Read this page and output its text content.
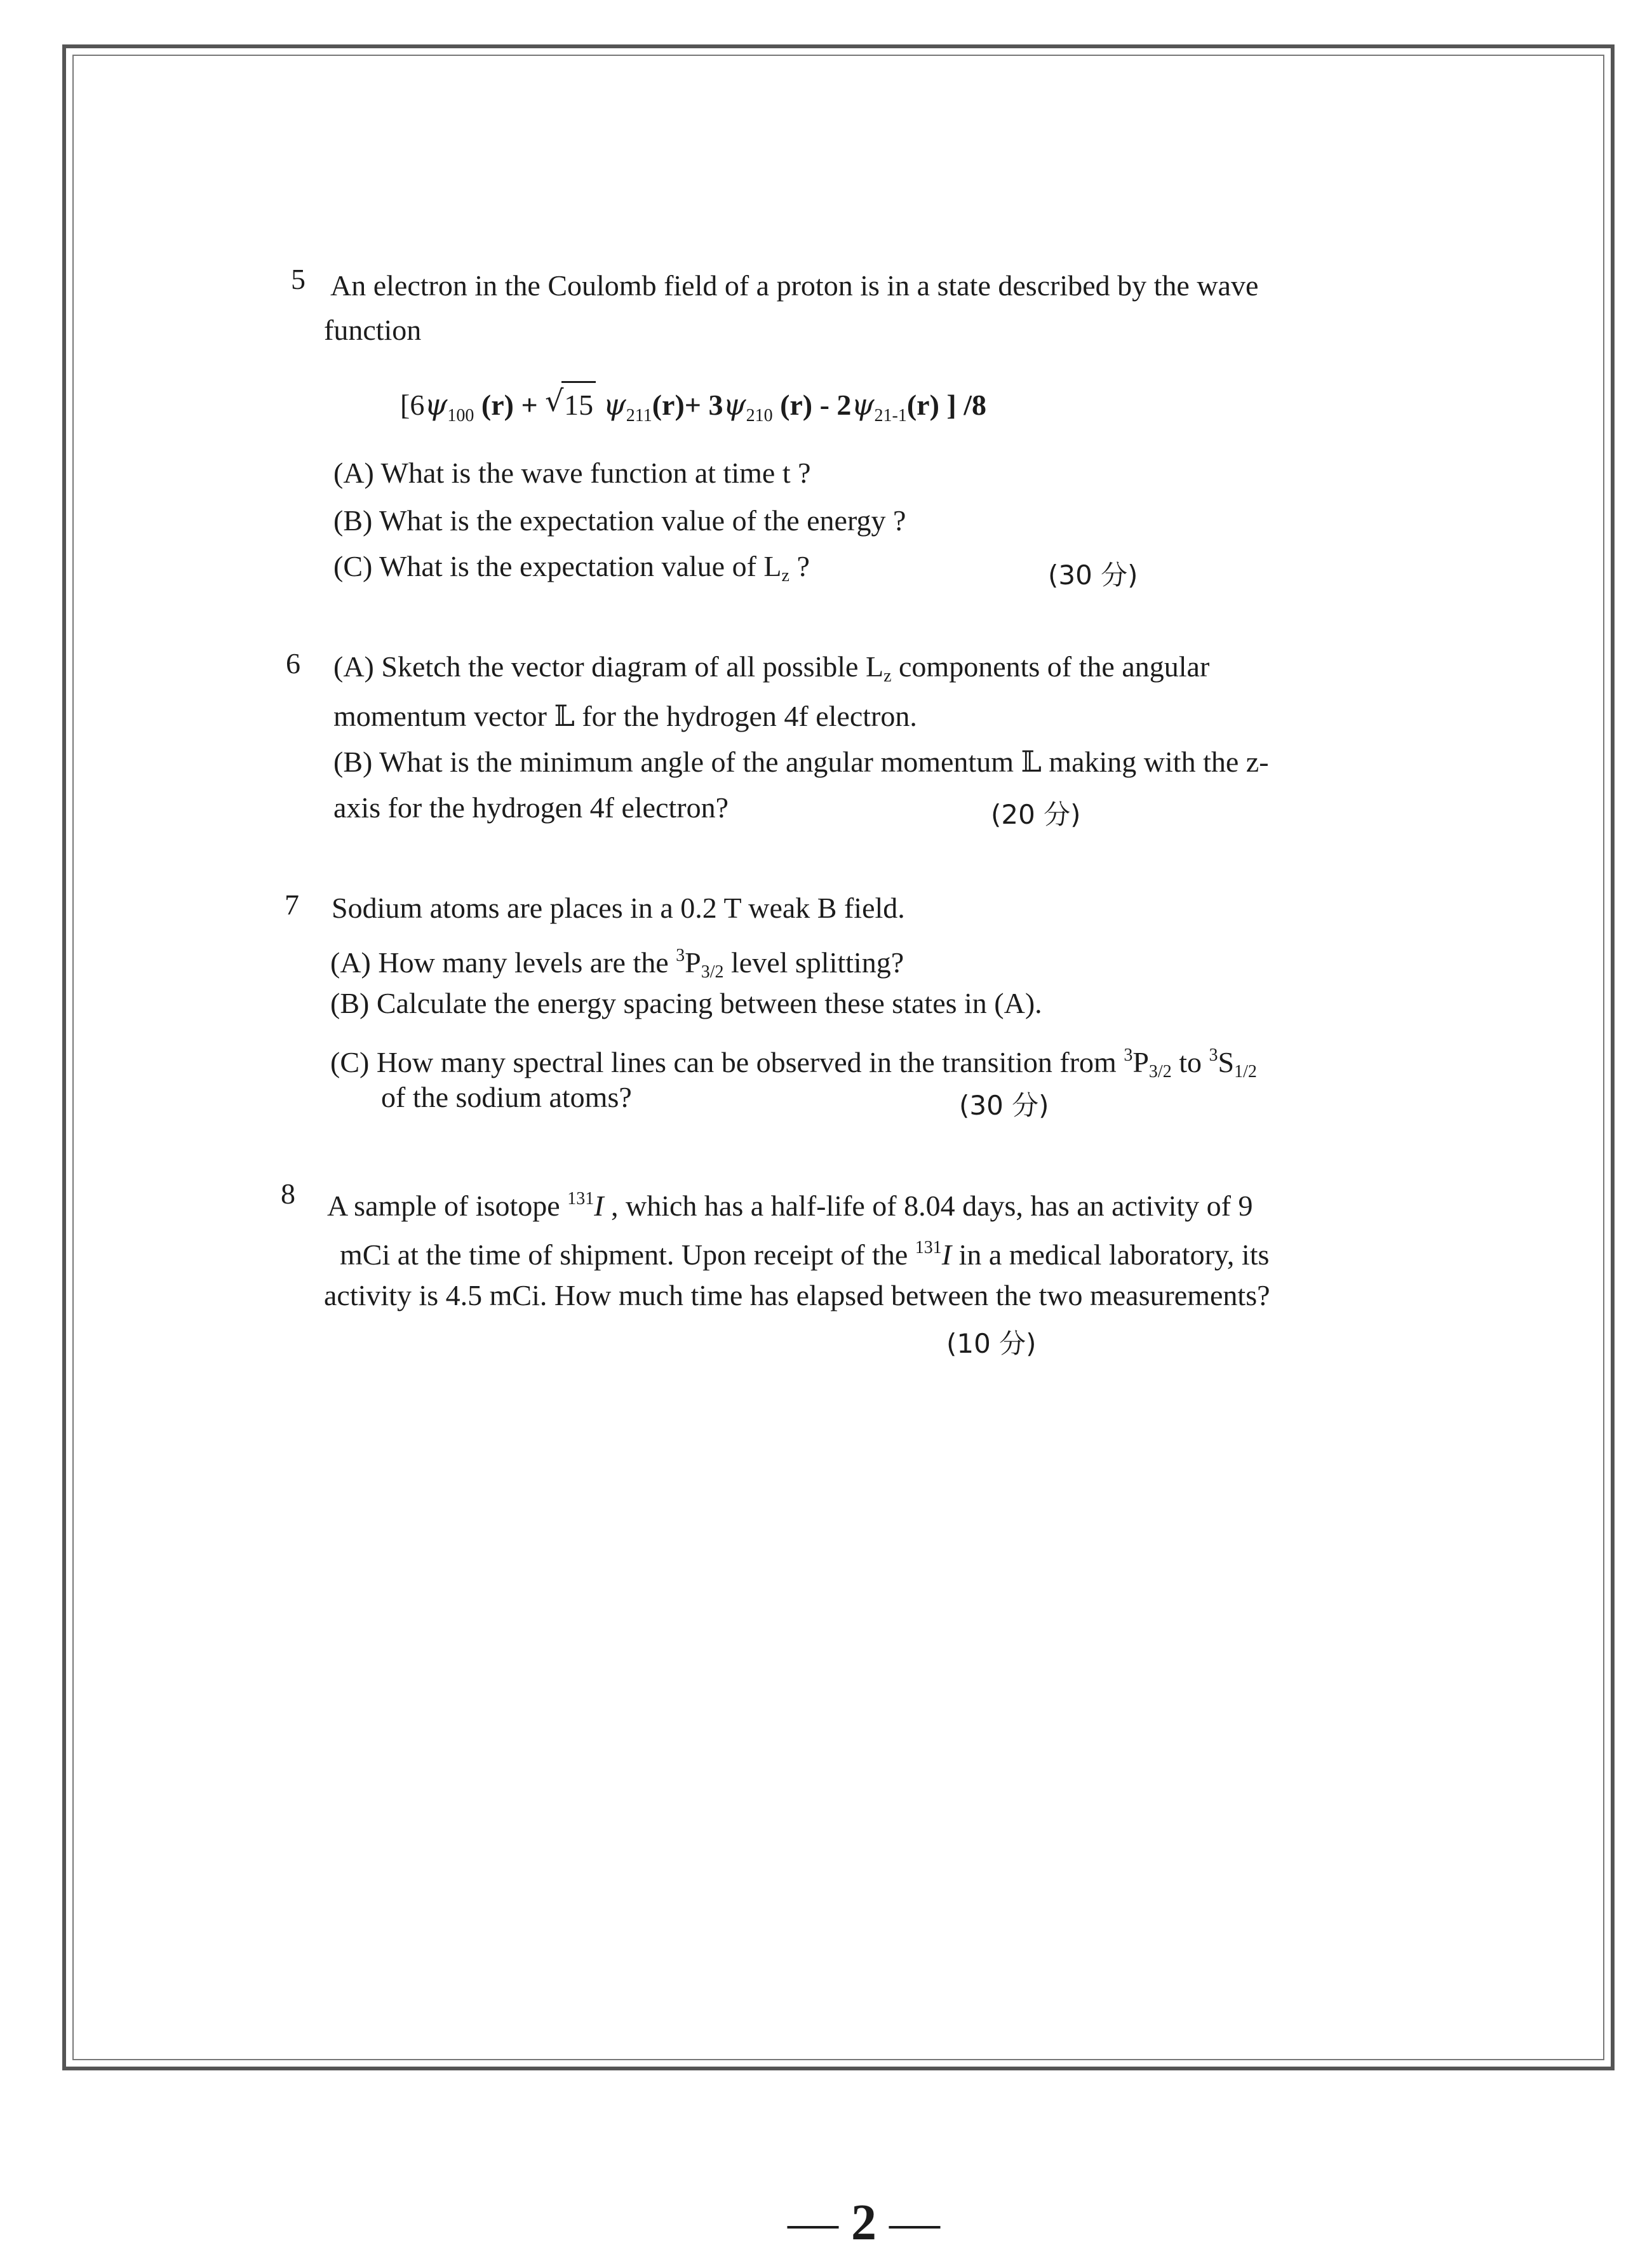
5 An electron in the Coulomb field of a proton is in a state described by the wave
function
[$6\psi_{100}$ (r) + √ 15 $\psi_{211}(r)+ 3\psi_{210}$ $(r) - 2\psi_{21-1}(r)$ ] /8
(A) What is the wave function at time t ?
(B) What is the expectation value of the energy ?
(C) What is the expectation value of $L_z$ ?	(30 分)
6 (A) Sketch the vector diagram of all possible $L_z$ components of the angular
momentum vector 𝕃 for the hydrogen 4f electron.
(B) What is the minimum angle of the angular momentum 𝕃 making with the z-
axis for the hydrogen 4f electron?	(20 分)
7 Sodium atoms are places in a 0.2 T weak B field.
(A) How many levels are the $^3P_{3/2}$ level splitting?
(B) Calculate the energy spacing between these states in (A).
(C) How many spectral lines can be observed in the transition from $^3P_{3/2}$ to $^3S_{1/2}$
of the sodium atoms?	(30 分)
8 A sample of isotope $^{131}$I , which has a half-life of 8.04 days, has an activity of 9
mCi at the time of shipment. Upon receipt of the $^{131}$I in a medical laboratory, its
activity is 4.5 mCi. How much time has elapsed between the two measurements?
(10 分)
— 2 —
